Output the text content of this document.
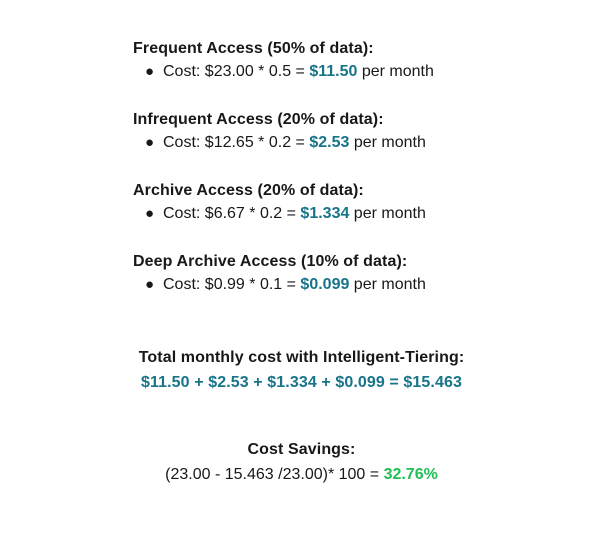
Frequent Access (50% of data):
● Cost: $23.00 * 0.5 = $11.50 per month
Infrequent Access (20% of data):
● Cost: $12.65 * 0.2 = $2.53 per month
Archive Access (20% of data):
● Cost: $6.67 * 0.2 = $1.334 per month
Deep Archive Access (10% of data):
● Cost: $0.99 * 0.1 = $0.099 per month
Total monthly cost with Intelligent-Tiering:
$11.50 + $2.53 + $1.334 + $0.099 = $15.463
Cost Savings:
(23.00 - 15.463 /23.00)* 100 = 32.76%
